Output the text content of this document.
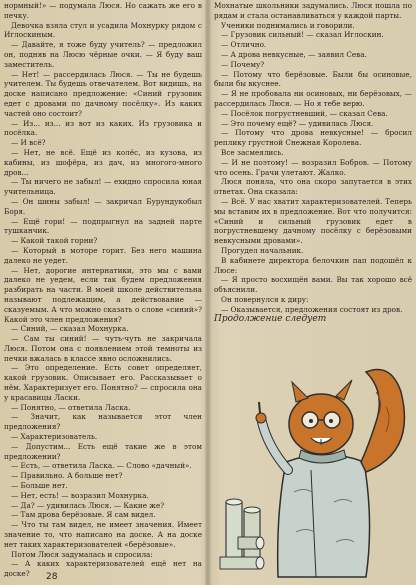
нормный!» — подумала Люся. Но сажать же его в печку.

Девочка взяла стул и усадила Мохнурку рядом с Иглоскиным.

— Давайте, я тоже буду учитель? — предложил он, подняв на Люсю чёрные очки. — Я буду ваш заместитель.

— Нет! — рассердилась Люся. — Ты не будешь учителем. Ты будешь отвечателем. Вот видишь, на доске написано предложение: «Синий грузовик едет с дровами по дачному посёлку». Из каких частей оно состоит?

— Из... из... из вот из каких. Из грузовика и посёлка.

— И всё?

— Нет, не всё. Ещё из колёс, из кузова, из кабины, из шофёра, из дач, из многого-много дров...

— Ты ничего не забыл! — ехидно спросила юная учительница.

— Он шины забыл! — закричал Бурундукобыл Боря.

— Ещё гори! — подпрыгнул на задней парте тушканчик.

— Какой такой горни?

— Который в моторе горит. Без него машина далеко не уедет.

— Нет, дорогие интернатики, это мы с вами далеко не уедем, если так будем предложения разбирать на части. В моей школе действительна называют подлежащим, а действование — сказуемым. А что можно сказать о слове «синий»? Какой это член предложения?

— Синий, — сказал Мохнурка.

— Сам ты синий! — чуть-чуть не закричала Люся. Потом она с появлением этой темноты из печки вжалась в классе явно осложнились.

— Это определение. Есть совет определяет, какой грузовик. Описывает его. Рассказывает о нём. Характеризует его. Понятно? — спросила она у красавицы Ласки.

— Понятно, — ответила Ласка.

— Значит, как называется этот член предложения?

— Характеризователь.

— Допустим... Есть ещё такие же в этом предложении?

— Есть, — ответила Ласка. — Слово «дачный».

— Правильно. А больше нет?

— Больше нет.

— Нет, есть! — возразил Мохнурка.

— Да? — удивилась Люся. — Какие же?

— Там дрова берёзовые. Я сам видел.

— Что ты там видел, не имеет значения. Имеет значение то, что написано на доске. А на доске нет таких характеризователей «берёзовые».

Потом Люся задумалась и спросила:

— А каких характеризователей ещё нет на доске?

Мохнатые школьники задумались. Люся пошла по рядам и стала останавливаться у каждой парты.

Ученики поднимались и говорили.

— Грузовик сильный! — сказал Иглоскин.

— Отлично.

— А дрова невкусные, — заявил Сева.

— Почему?

— Потому что берёзовые. Были бы осиновые, были бы вкуснее.

— Я не пробовала ни осиновых, ни берёзовых, — рассердилась Люся. — Но я тебе верю.

— Посёлок погрустневший, — сказал Сева.

— Это почему ещё? — удивилась Люся.

— Потому что дрова невкусные! — бросил реплику грустной Снежная Королева.

Все засмеялись.

— И не поэтому! — возразил Бобров. — Потому что осень. Грачи улетают. Жалко.

Люся поняла, что она скоро запутается в этих ответах. Она сказала:

— Всё. У нас хватит характеризователей. Теперь мы вставим их в предложение. Вот что получится: «Синий и сильный грузовик едет в погрустневшему дачному посёлку с берёзовыми невкусными дровами».

Прогудел начальник.

В кабинете директора белочкин пап подошёл к Люсе:

— Я просто восхищён вами. Вы так хорошо всё объяснили.

Он повернулся к диру:

— Оказывается, предложения состоят из дров.

Продолжение следует

28
